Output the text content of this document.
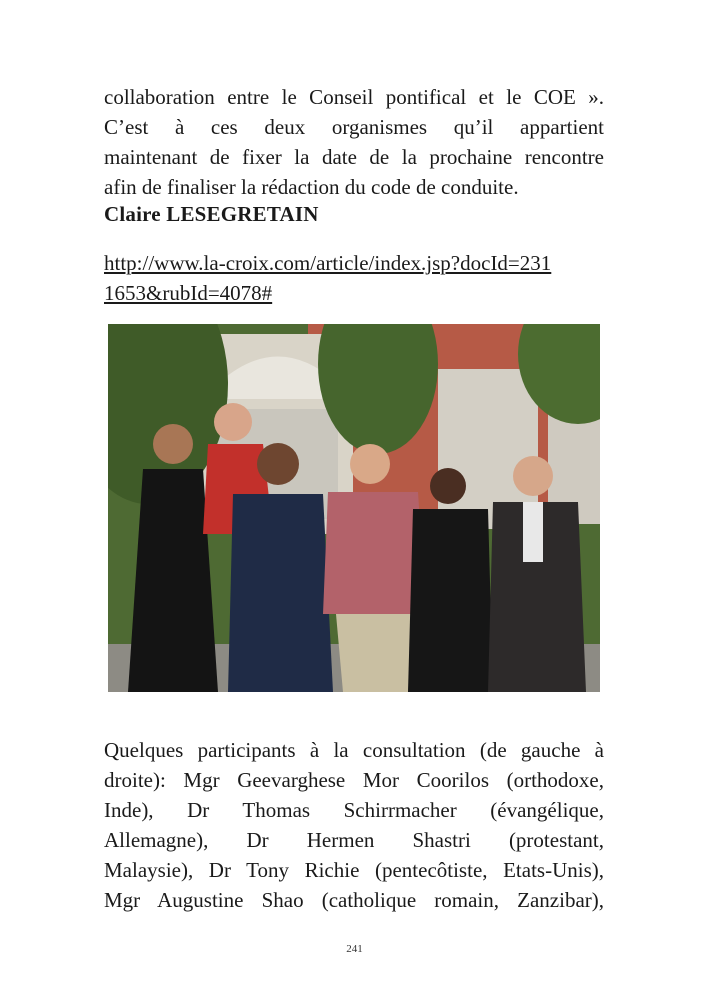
collaboration entre le Conseil pontifical et le COE ».
C’est à ces deux organismes qu’il appartient
maintenant de fixer la date de la prochaine rencontre
afin de finaliser la rédaction du code de conduite.

Claire LESEGRETAIN
http://www.la-croix.com/article/index.jsp?docId=231
1653&rubId=4078#

Quelques participants à la consultation (de gauche à
droite): Mgr Geevarghese Mor Coorilos (orthodoxe,
Inde), Dr Thomas Schirrmacher (évangélique,
Allemagne), Dr Hermen Shastri (protestant,
Malaysie), Dr Tony Richie (pentecôtiste, Etats-Unis),
Mgr Augustine Shao (catholique romain, Zanzibar),

241
